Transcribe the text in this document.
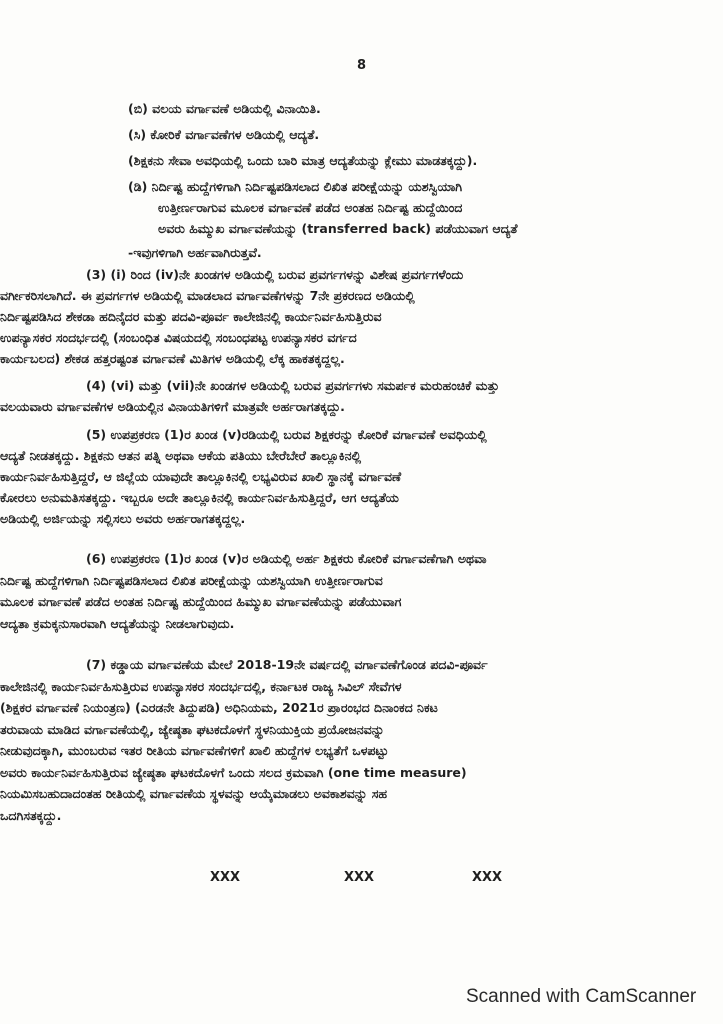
8
(ಬಿ) ವಲಯ ವರ್ಗಾವಣೆ ಅಡಿಯಲ್ಲಿ ವಿನಾಯಿತಿ.
(ಸಿ) ಕೋರಿಕೆ ವರ್ಗಾವಣೆಗಳ ಅಡಿಯಲ್ಲಿ ಆದ್ಯತೆ.
(ಶಿಕ್ಷಕನು ಸೇವಾ ಅವಧಿಯಲ್ಲಿ ಒಂದು ಬಾರಿ ಮಾತ್ರ ಆದ್ಯತೆಯನ್ನು ಕ್ಲೇಮು ಮಾಡತಕ್ಕದ್ದು).
(ಡಿ) ನಿರ್ದಿಷ್ಟ ಹುದ್ದೆಗಳಿಗಾಗಿ ನಿರ್ದಿಷ್ಟಪಡಿಸಲಾದ ಲಿಖಿತ ಪರೀಕ್ಷೆಯನ್ನು ಯಶಸ್ವಿಯಾಗಿ
ಉತ್ತೀರ್ಣರಾಗುವ ಮೂಲಕ ವರ್ಗಾವಣೆ ಪಡೆದ ಅಂತಹ ನಿರ್ದಿಷ್ಟ ಹುದ್ದೆಯಿಂದ
ಅವರು ಹಿಮ್ಮುಖ ವರ್ಗಾವಣೆಯನ್ನು (transferred back) ಪಡೆಯುವಾಗ ಆದ್ಯತೆ
-ಇವುಗಳಿಗಾಗಿ ಅರ್ಹವಾಗಿರುತ್ತವೆ.
(3) (i) ರಿಂದ (iv)ನೇ ಖಂಡಗಳ ಅಡಿಯಲ್ಲಿ ಬರುವ ಪ್ರವರ್ಗಗಳನ್ನು ವಿಶೇಷ ಪ್ರವರ್ಗಗಳೆಂದು
ವರ್ಗೀಕರಿಸಲಾಗಿದೆ. ಈ ಪ್ರವರ್ಗಗಳ ಅಡಿಯಲ್ಲಿ ಮಾಡಲಾದ ವರ್ಗಾವಣೆಗಳನ್ನು 7ನೇ ಪ್ರಕರಣದ ಅಡಿಯಲ್ಲಿ
ನಿರ್ದಿಷ್ಟಪಡಿಸಿದ ಶೇಕಡಾ ಹದಿನೈದರ ಮತ್ತು ಪದವಿ-ಪೂರ್ವ ಕಾಲೇಜಿನಲ್ಲಿ ಕಾರ್ಯನಿರ್ವಹಿಸುತ್ತಿರುವ
ಉಪನ್ಯಾಸಕರ ಸಂದರ್ಭದಲ್ಲಿ (ಸಂಬಂಧಿತ ವಿಷಯದಲ್ಲಿ ಸಂಬಂಧಪಟ್ಟ ಉಪನ್ಯಾಸಕರ ವರ್ಗದ
ಕಾರ್ಯಬಲದ) ಶೇಕಡ ಹತ್ತರಷ್ಟಂತ ವರ್ಗಾವಣೆ ಮಿತಿಗಳ ಅಡಿಯಲ್ಲಿ ಲೆಕ್ಕ ಹಾಕತಕ್ಕದ್ದಲ್ಲ.
(4) (vi) ಮತ್ತು (vii)ನೇ ಖಂಡಗಳ ಅಡಿಯಲ್ಲಿ ಬರುವ ಪ್ರವರ್ಗಗಳು ಸಮರ್ಪಕ ಮರುಹಂಚಿಕೆ ಮತ್ತು
ವಲಯವಾರು ವರ್ಗಾವಣೆಗಳ ಅಡಿಯಲ್ಲಿನ ವಿನಾಯತಿಗಳಿಗೆ ಮಾತ್ರವೇ ಅರ್ಹರಾಗತಕ್ಕದ್ದು.
(5) ಉಪಪ್ರಕರಣ (1)ರ ಖಂಡ (v)ರಡಿಯಲ್ಲಿ ಬರುವ ಶಿಕ್ಷಕರನ್ನು ಕೋರಿಕೆ ವರ್ಗಾವಣೆ ಅವಧಿಯಲ್ಲಿ
ಆದ್ಯತೆ ನೀಡತಕ್ಕದ್ದು. ಶಿಕ್ಷಕನು ಆತನ ಪತ್ನಿ ಅಥವಾ ಆಕೆಯ ಪತಿಯು ಬೇರೆಬೇರೆ ತಾಲ್ಲೂಕಿನಲ್ಲಿ
ಕಾರ್ಯನಿರ್ವಹಿಸುತ್ತಿದ್ದರೆ, ಆ ಜಿಲ್ಲೆಯ ಯಾವುದೇ ತಾಲ್ಲೂಕಿನಲ್ಲಿ ಲಭ್ಯವಿರುವ ಖಾಲಿ ಸ್ಥಾನಕ್ಕೆ ವರ್ಗಾವಣೆ
ಕೋರಲು ಅನುಮತಿಸತಕ್ಕದ್ದು. ಇಬ್ಬರೂ ಅದೇ ತಾಲ್ಲೂಕಿನಲ್ಲಿ ಕಾರ್ಯನಿರ್ವಹಿಸುತ್ತಿದ್ದರೆ, ಆಗ ಆದ್ಯತೆಯ
ಅಡಿಯಲ್ಲಿ ಅರ್ಜಿಯನ್ನು ಸಲ್ಲಿಸಲು ಅವರು ಅರ್ಹರಾಗತಕ್ಕದ್ದಲ್ಲ.
(6) ಉಪಪ್ರಕರಣ (1)ರ ಖಂಡ (v)ರ ಅಡಿಯಲ್ಲಿ ಅರ್ಹ ಶಿಕ್ಷಕರು ಕೋರಿಕೆ ವರ್ಗಾವಣೆಗಾಗಿ ಅಥವಾ
ನಿರ್ದಿಷ್ಟ ಹುದ್ದೆಗಳಿಗಾಗಿ ನಿರ್ದಿಷ್ಟಪಡಿಸಲಾದ ಲಿಖಿತ ಪರೀಕ್ಷೆಯನ್ನು ಯಶಸ್ವಿಯಾಗಿ ಉತ್ತೀರ್ಣರಾಗುವ
ಮೂಲಕ ವರ್ಗಾವಣೆ ಪಡೆದ ಅಂತಹ ನಿರ್ದಿಷ್ಟ ಹುದ್ದೆಯಿಂದ ಹಿಮ್ಮುಖ ವರ್ಗಾವಣೆಯನ್ನು ಪಡೆಯುವಾಗ
ಆದ್ಯತಾ ಕ್ರಮಕ್ಕನುಸಾರವಾಗಿ ಆದ್ಯತೆಯನ್ನು ನೀಡಲಾಗುವುದು.
(7) ಕಡ್ಡಾಯ ವರ್ಗಾವಣೆಯ ಮೇಲೆ 2018-19ನೇ ವರ್ಷದಲ್ಲಿ ವರ್ಗಾವಣೆಗೊಂಡ ಪದವಿ-ಪೂರ್ವ
ಕಾಲೇಜಿನಲ್ಲಿ ಕಾರ್ಯನಿರ್ವಹಿಸುತ್ತಿರುವ ಉಪನ್ಯಾಸಕರ ಸಂದರ್ಭದಲ್ಲಿ, ಕರ್ನಾಟಕ ರಾಜ್ಯ ಸಿವಿಲ್ ಸೇವೆಗಳ
(ಶಿಕ್ಷಕರ ವರ್ಗಾವಣೆ ನಿಯಂತ್ರಣ) (ಎರಡನೇ ತಿದ್ದುಪಡಿ) ಅಧಿನಿಯಮ, 2021ರ ಪ್ರಾರಂಭದ ದಿನಾಂಕದ ನಿಕಟ
ತರುವಾಯ ಮಾಡಿದ ವರ್ಗಾವಣೆಯಲ್ಲಿ, ಜ್ಯೇಷ್ಠತಾ ಘಟಕದೊಳಗೆ ಸ್ಥಳನಿಯುಕ್ತಿಯ ಪ್ರಯೋಜನವನ್ನು
ನೀಡುವುದಕ್ಕಾಗಿ, ಮುಂಬರುವ ಇತರ ರೀತಿಯ ವರ್ಗಾವಣೆಗಳಿಗೆ ಖಾಲಿ ಹುದ್ದೆಗಳ ಲಭ್ಯತೆಗೆ ಒಳಪಟ್ಟು
ಅವರು ಕಾರ್ಯನಿರ್ವಹಿಸುತ್ತಿರುವ ಜ್ಯೇಷ್ಠತಾ ಘಟಕದೊಳಗೆ ಒಂದು ಸಲದ ಕ್ರಮವಾಗಿ (one time measure)
ನಿಯಮಿಸಬಹುದಾದಂತಹ ರೀತಿಯಲ್ಲಿ ವರ್ಗಾವಣೆಯ ಸ್ಥಳವನ್ನು ಆಯ್ಕೆಮಾಡಲು ಅವಕಾಶವನ್ನು ಸಹ
ಒದಗಿಸತಕ್ಕದ್ದು.
XXX	XXX	XXX
Scanned with CamScanner
